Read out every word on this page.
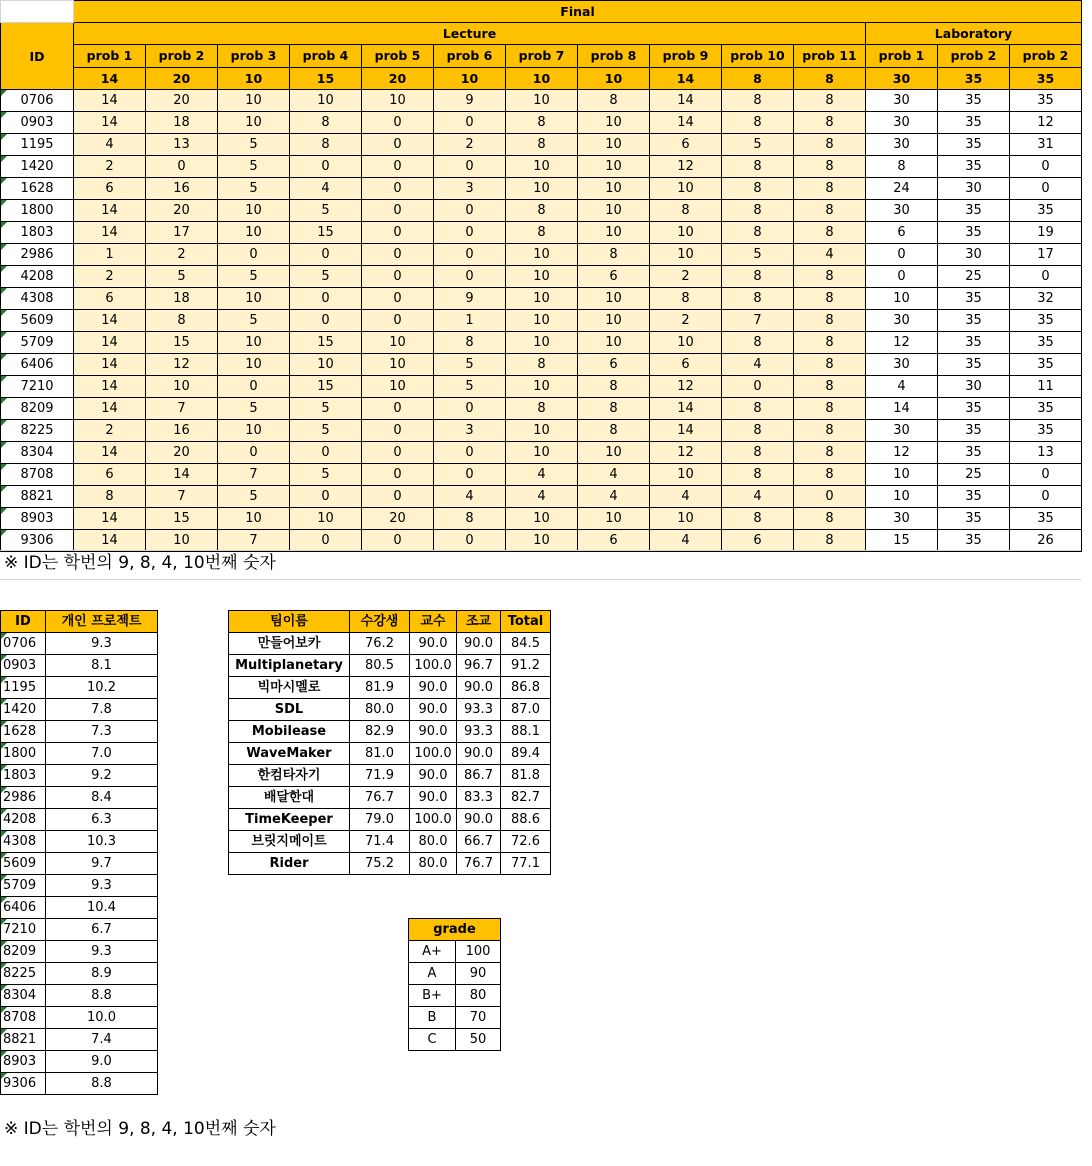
	Final													
ID	Lecture											Laboratory		
	prob 1	prob 2	prob 3	prob 4	prob 5	prob 6	prob 7	prob 8	prob 9	prob 10	prob 11	prob 1	prob 2	prob 2
	14	20	10	15	20	10	10	10	14	8	8	30	35	35
0706	14	20	10	10	10	9	10	8	14	8	8	30	35	35
0903	14	18	10	8	0	0	8	10	14	8	8	30	35	12
1195	4	13	5	8	0	2	8	10	6	5	8	30	35	31
1420	2	0	5	0	0	0	10	10	12	8	8	8	35	0
1628	6	16	5	4	0	3	10	10	10	8	8	24	30	0
1800	14	20	10	5	0	0	8	10	8	8	8	30	35	35
1803	14	17	10	15	0	0	8	10	10	8	8	6	35	19
2986	1	2	0	0	0	0	10	8	10	5	4	0	30	17
4208	2	5	5	5	0	0	10	6	2	8	8	0	25	0
4308	6	18	10	0	0	9	10	10	8	8	8	10	35	32
5609	14	8	5	0	0	1	10	10	2	7	8	30	35	35
5709	14	15	10	15	10	8	10	10	10	8	8	12	35	35
6406	14	12	10	10	10	5	8	6	6	4	8	30	35	35
7210	14	10	0	15	10	5	10	8	12	0	8	4	30	11
8209	14	7	5	5	0	0	8	8	14	8	8	14	35	35
8225	2	16	10	5	0	3	10	8	14	8	8	30	35	35
8304	14	20	0	0	0	0	10	10	12	8	8	12	35	13
8708	6	14	7	5	0	0	4	4	10	8	8	10	25	0
8821	8	7	5	0	0	4	4	4	4	4	0	10	35	0
8903	14	15	10	10	20	8	10	10	10	8	8	30	35	35
9306	14	10	7	0	0	0	10	6	4	6	8	15	35	26
ID	개인 프로젝트
0706	9.3
0903	8.1
1195	10.2
1420	7.8
1628	7.3
1800	7.0
1803	9.2
2986	8.4
4208	6.3
4308	10.3
5609	9.7
5709	9.3
6406	10.4
7210	6.7
8209	9.3
8225	8.9
8304	8.8
8708	10.0
8821	7.4
8903	9.0
9306	8.8
팀이름	수강생	교수	조교	Total
만들어보카	76.2	90.0	90.0	84.5
Multiplanetary	80.5	100.0	96.7	91.2
빅마시멜로	81.9	90.0	90.0	86.8
SDL	80.0	90.0	93.3	87.0
Mobilease	82.9	90.0	93.3	88.1
WaveMaker	81.0	100.0	90.0	89.4
한컴타자기	71.9	90.0	86.7	81.8
배달한대	76.7	90.0	83.3	82.7
TimeKeeper	79.0	100.0	90.0	88.6
브릿지메이트	71.4	80.0	66.7	72.6
Rider	75.2	80.0	76.7	77.1
grade	
A+	100
A	90
B+	80
B	70
C	50
※ ID는 학번의 9, 8, 4, 10번째 숫자
※ ID는 학번의 9, 8, 4, 10번째 숫자
